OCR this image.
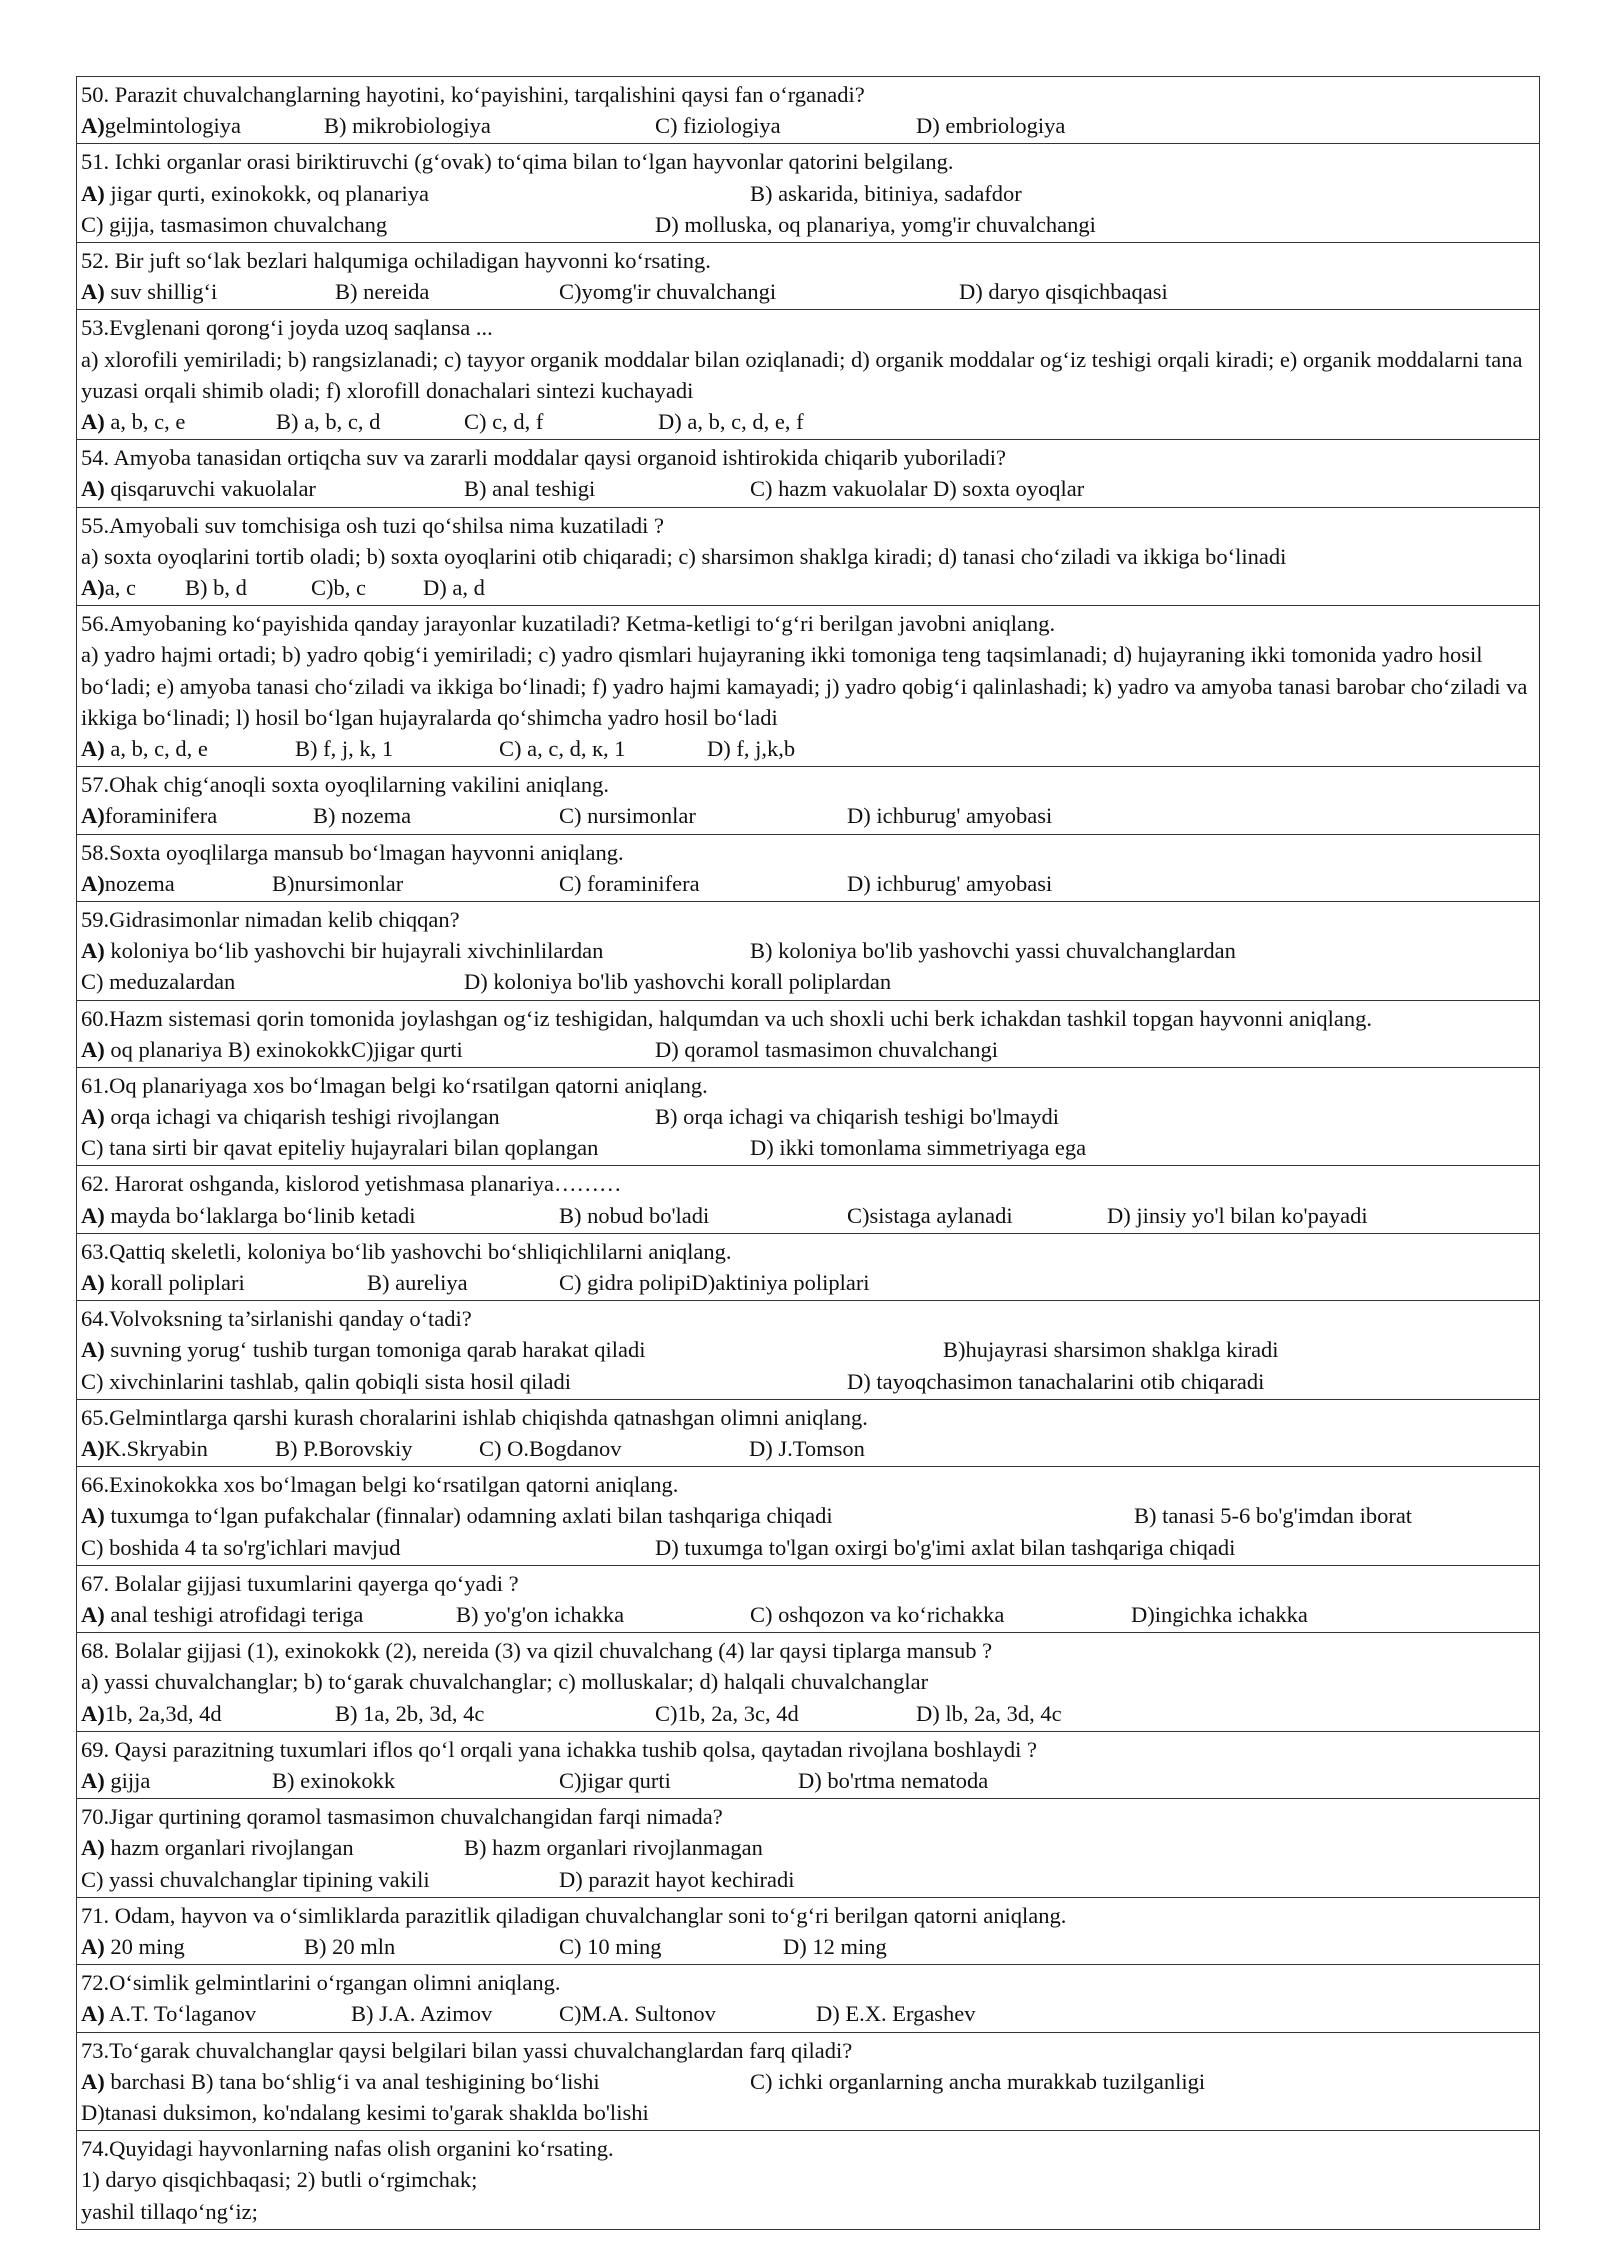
50. Parazit chuvalchanglarning hayotini, ko‘payishini, tarqalishini qaysi fan o‘rganadi?
A)gelmintologiya	B) mikrobiologiya	C) fiziologiya	D) embriologiya
51. Ichki organlar orasi biriktiruvchi (g‘ovak) to‘qima bilan to‘lgan hayvonlar qatorini belgilang.
A) jigar qurti, exinokokk, oq planariya	B) askarida, bitiniya, sadafdor
C) gijja, tasmasimon chuvalchang	D) molluska, oq planariya, yomg'ir chuvalchangi
52. Bir juft so‘lak bezlari halqumiga ochiladigan hayvonni ko‘rsating.
A) suv shillig‘i	B) nereida	C)yomg'ir chuvalchangi	D) daryo qisqichbaqasi
53.Evglenani qorong‘i joyda uzoq saqlansa ...
a) xlorofili yemiriladi; b) rangsizlanadi; c) tayyor organik moddalar bilan oziqlanadi; d) organik moddalar og‘iz teshigi orqali kiradi; e) organik moddalarni tana yuzasi orqali shimib oladi; f) xlorofill donachalari sintezi kuchayadi
A) a, b, c, e	B) a, b, c, d	C) c, d, f	D) a, b, c, d, e, f
54. Amyoba tanasidan ortiqcha suv va zararli moddalar qaysi organoid ishtirokida chiqarib yuboriladi?
A) qisqaruvchi vakuolalar	B) anal teshigi	C) hazm vakuolalar D) soxta oyoqlar
55.Amyobali suv tomchisiga osh tuzi qo‘shilsa nima kuzatiladi ?
a) soxta oyoqlarini tortib oladi; b) soxta oyoqlarini otib chiqaradi; c) sharsimon shaklga kiradi; d) tanasi cho‘ziladi va ikkiga bo‘linadi
A)a, c B) b, d	C)b, c	D) a, d
56.Amyobaning ko‘payishida qanday jarayonlar kuzatiladi? Ketma-ketligi to‘g‘ri berilgan javobni aniqlang.
a) yadro hajmi ortadi; b) yadro qobig‘i yemiriladi; c) yadro qismlari hujayraning ikki tomoniga teng taqsimlanadi; d) hujayraning ikki tomonida yadro hosil bo‘ladi; e) amyoba tanasi cho‘ziladi va ikkiga bo‘linadi; f) yadro hajmi kamayadi; j) yadro qobig‘i qalinlashadi; k) yadro va amyoba tanasi barobar cho‘ziladi va ikkiga bo‘linadi; l) hosil bo‘lgan hujayralarda qo‘shimcha yadro hosil bo‘ladi
A) a, b, c, d, e	B) f, j, k, 1	C) a, c, d, к, 1	D) f, j,k,b
57.Ohak chig‘anoqli soxta oyoqlilarning vakilini aniqlang.
A)foraminifera	B) nozema	C) nursimonlar	D) ichburug' amyobasi
58.Soxta oyoqlilarga mansub bo‘lmagan hayvonni aniqlang.
A)nozema	B)nursimonlar	C) foraminifera	D) ichburug' amyobasi
59.Gidrasimonlar nimadan kelib chiqqan?
A) koloniya bo‘lib yashovchi bir hujayrali xivchinlilardan	B) koloniya bo'lib yashovchi yassi chuvalchanglardan
C) meduzalardan	D) koloniya bo'lib yashovchi korall poliplardan
60.Hazm sistemasi qorin tomonida joylashgan og‘iz teshigidan, halqumdan va uch shoxli uchi berk ichakdan tashkil topgan hayvonni aniqlang.
A) oq planariya B) exinokokkC)jigar qurti	D) qoramol tasmasimon chuvalchangi
61.Oq planariyaga xos bo‘lmagan belgi ko‘rsatilgan qatorni aniqlang.
A) orqa ichagi va chiqarish teshigi rivojlangan	B) orqa ichagi va chiqarish teshigi bo'lmaydi
C) tana sirti bir qavat epiteliy hujayralari bilan qoplangan	D) ikki tomonlama simmetriyaga ega
62. Harorat oshganda, kislorod yetishmasa planariya………
A) mayda bo‘laklarga bo‘linib ketadi	B) nobud bo'ladi	C)sistaga aylanadi	D) jinsiy yo'l bilan ko'payadi
63.Qattiq skeletli, koloniya bo‘lib yashovchi bo‘shliqichlilarni aniqlang.
A) korall poliplari	B) aureliya	C) gidra polipiD)aktiniya poliplari
64.Volvoksning ta’sirlanishi qanday o‘tadi?
A) suvning yorug‘ tushib turgan tomoniga qarab harakat qiladi	B)hujayrasi sharsimon shaklga kiradi
C) xivchinlarini tashlab, qalin qobiqli sista hosil qiladi	D) tayoqchasimon tanachalarini otib chiqaradi
65.Gelmintlarga qarshi kurash choralarini ishlab chiqishda qatnashgan olimni aniqlang.
A)K.Skryabin	B) P.Borovskiy	C) O.Bogdanov	D) J.Tomson
66.Exinokokka xos bo‘lmagan belgi ko‘rsatilgan qatorni aniqlang.
A) tuxumga to‘lgan pufakchalar (finnalar) odamning axlati bilan tashqariga chiqadi	B) tanasi 5-6 bo'g'imdan iborat
C) boshida 4 ta so'rg'ichlari mavjud	D) tuxumga to'lgan oxirgi bo'g'imi axlat bilan tashqariga chiqadi
67. Bolalar gijjasi tuxumlarini qayerga qo‘yadi ?
A) anal teshigi atrofidagi teriga	B) yo'g'on ichakka	C) oshqozon va ko‘richakka	D)ingichka ichakka
68. Bolalar gijjasi (1), exinokokk (2), nereida (3) va qizil chuvalchang (4) lar qaysi tiplarga mansub ?
a) yassi chuvalchanglar; b) to‘garak chuvalchanglar; c) molluskalar; d) halqali chuvalchanglar
A)1b, 2a,3d, 4d	B) 1a, 2b, 3d, 4c	C)1b, 2a, 3c, 4d	D) lb, 2a, 3d, 4c
69. Qaysi parazitning tuxumlari iflos qo‘l orqali yana ichakka tushib qolsa, qaytadan rivojlana boshlaydi ?
A) gijja	B) exinokokk	C)jigar qurti	D) bo'rtma nematoda
70.Jigar qurtining qoramol tasmasimon chuvalchangidan farqi nimada?
A) hazm organlari rivojlangan	B) hazm organlari rivojlanmagan
C) yassi chuvalchanglar tipining vakili	D) parazit hayot kechiradi
71. Odam, hayvon va o‘simliklarda parazitlik qiladigan chuvalchanglar soni to‘g‘ri berilgan qatorni aniqlang.
A) 20 ming	B) 20 mln	C) 10 ming	D) 12 ming
72.O‘simlik gelmintlarini o‘rgangan olimni aniqlang.
A) A.T. To‘laganov	B) J.A. Azimov	C)M.A. Sultonov	D) E.X. Ergashev
73.To‘garak chuvalchanglar qaysi belgilari bilan yassi chuvalchanglardan farq qiladi?
A) barchasi B) tana bo‘shlig‘i va anal teshigining bo‘lishi	C) ichki organlarning ancha murakkab tuzilganligi
D)tanasi duksimon, ko'ndalang kesimi to'garak shaklda bo'lishi
74.Quyidagi hayvonlarning nafas olish organini ko‘rsating.
1) daryo qisqichbaqasi; 2) butli o‘rgimchak;
yashil tillaqo‘ng‘iz;
